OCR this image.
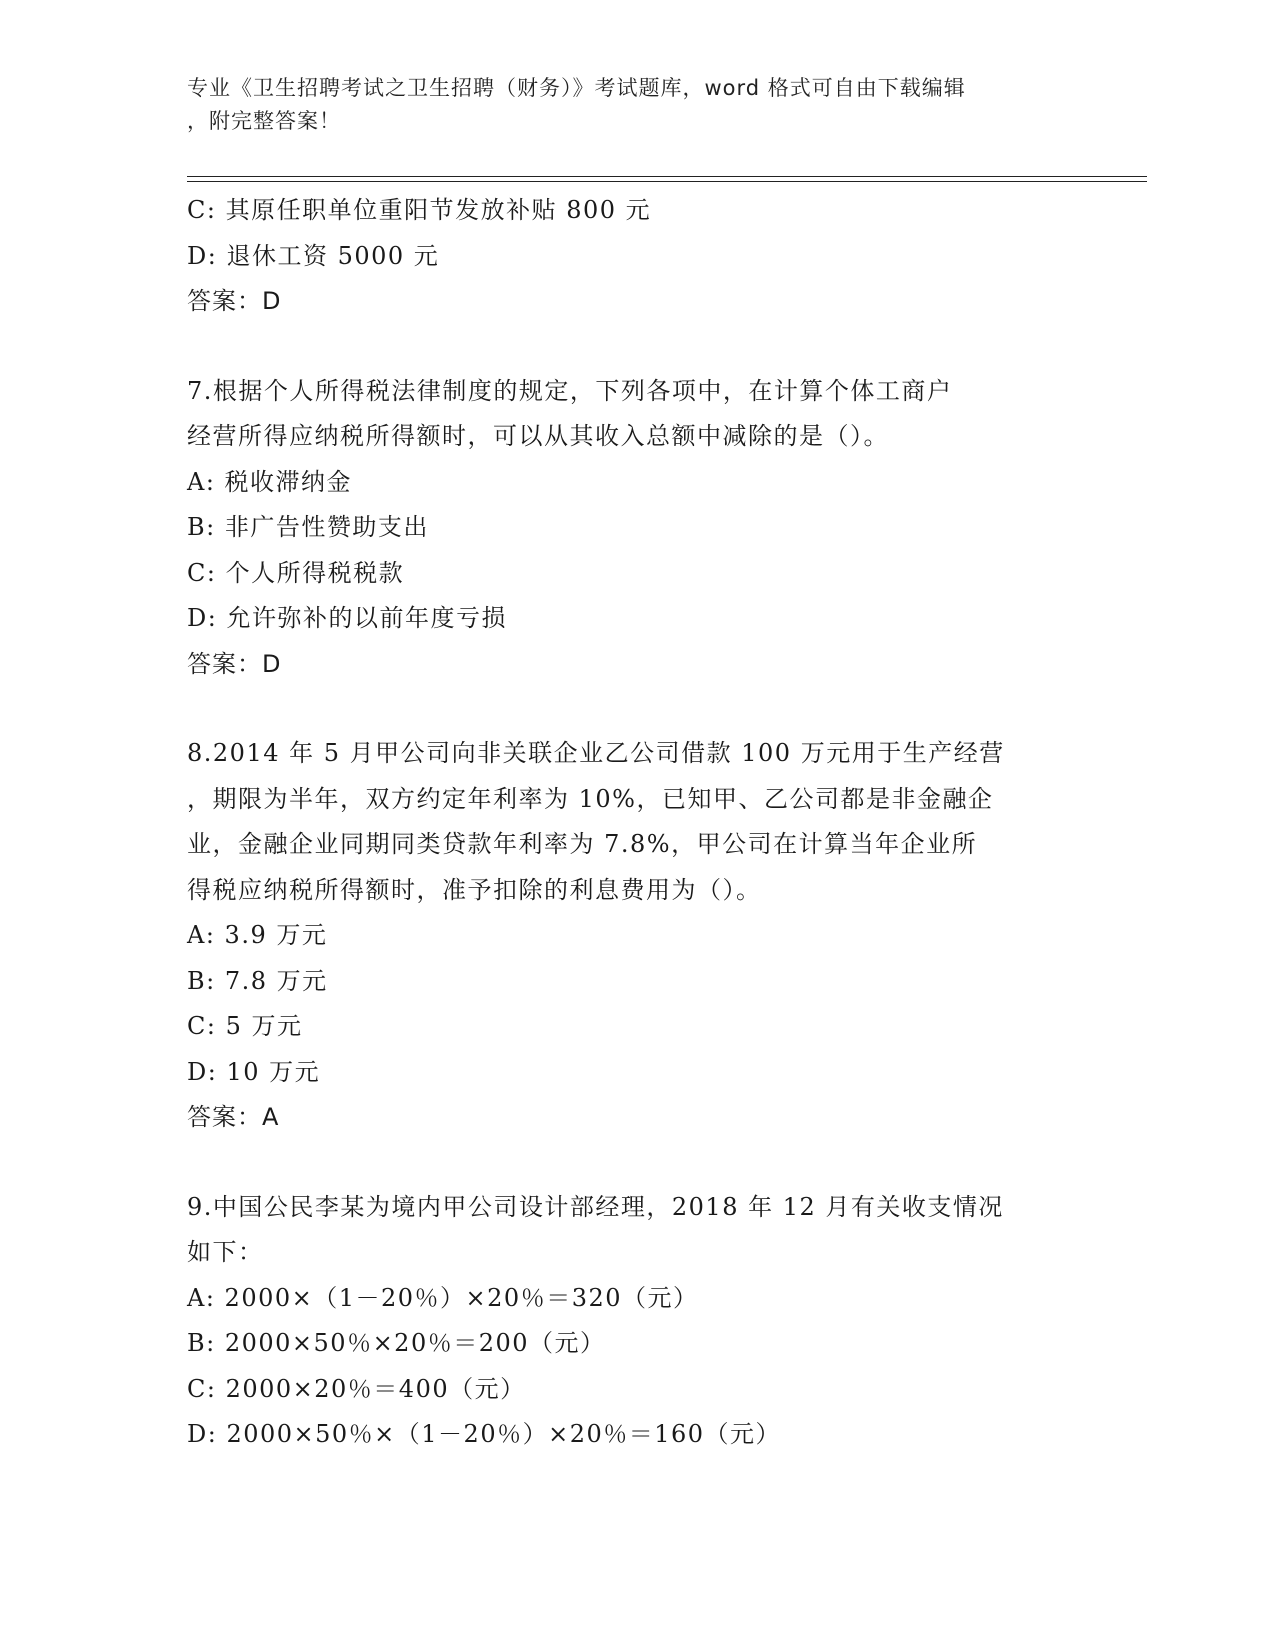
专业《卫生招聘考试之卫生招聘（财务）》考试题库，word 格式可自由下载编辑
，附完整答案！
C: 其原任职单位重阳节发放补贴 800 元
D: 退休工资 5000 元
答案：D
7.根据个人所得税法律制度的规定，下列各项中，在计算个体工商户
经营所得应纳税所得额时，可以从其收入总额中减除的是（）。
A: 税收滞纳金
B: 非广告性赞助支出
C: 个人所得税税款
D: 允许弥补的以前年度亏损
答案：D
8.2014 年 5 月甲公司向非关联企业乙公司借款 100 万元用于生产经营
，期限为半年，双方约定年利率为 10%，已知甲、乙公司都是非金融企
业，金融企业同期同类贷款年利率为 7.8%，甲公司在计算当年企业所
得税应纳税所得额时，准予扣除的利息费用为（）。
A: 3.9 万元
B: 7.8 万元
C: 5 万元
D: 10 万元
答案：A
9.中国公民李某为境内甲公司设计部经理，2018 年 12 月有关收支情况
如下：
A: 2000×（1－20％）×20％＝320（元）
B: 2000×50％×20％＝200（元）
C: 2000×20％＝400（元）
D: 2000×50％×（1－20％）×20％＝160（元）
